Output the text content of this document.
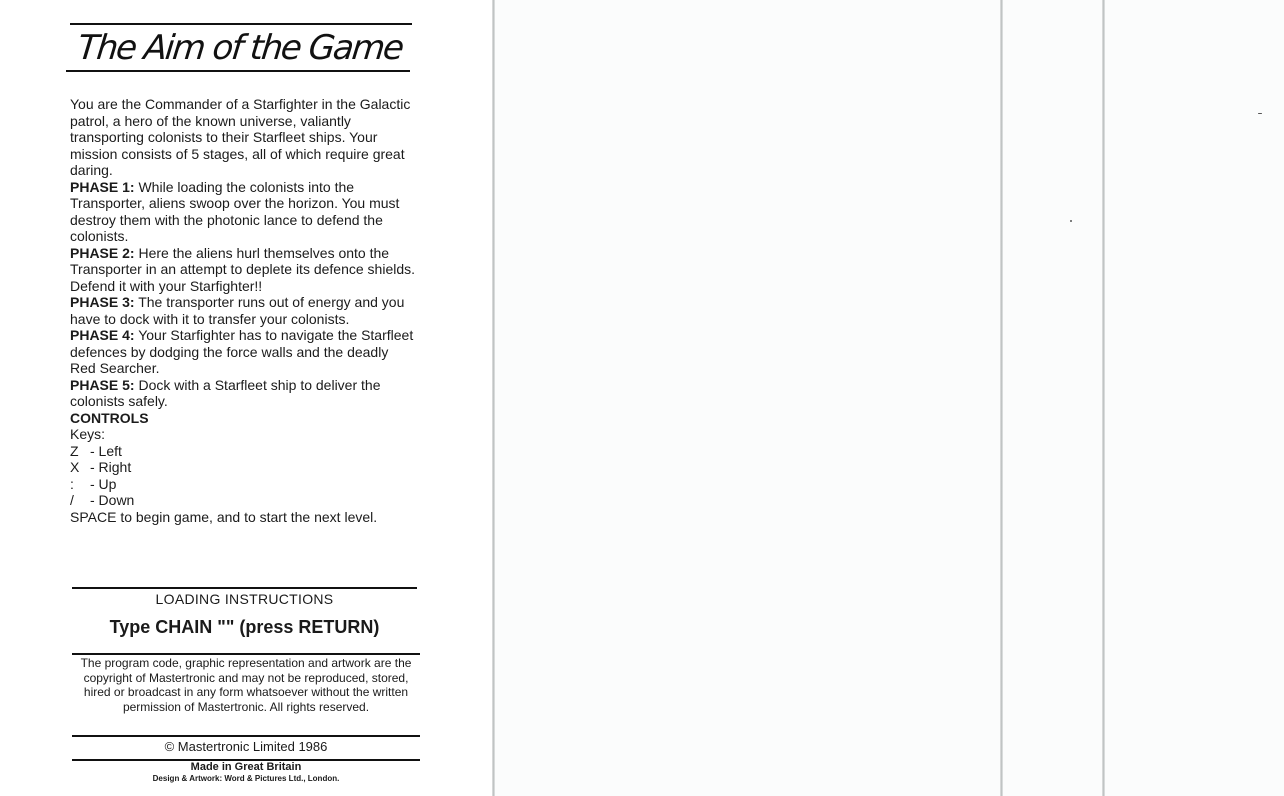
The Aim of the Game

You are the Commander of a Starfighter in the Galactic patrol, a hero of the known universe, valiantly transporting colonists to their Starfleet ships. Your mission consists of 5 stages, all of which require great daring.

PHASE 1: While loading the colonists into the Transporter, aliens swoop over the horizon. You must destroy them with the photonic lance to defend the colonists.

PHASE 2: Here the aliens hurl themselves onto the Transporter in an attempt to deplete its defence shields. Defend it with your Starfighter!!

PHASE 3: The transporter runs out of energy and you have to dock with it to transfer your colonists.

PHASE 4: Your Starfighter has to navigate the Starfleet defences by dodging the force walls and the deadly Red Searcher.

PHASE 5: Dock with a Starfleet ship to deliver the colonists safely.

CONTROLS

Keys:

Z - Left
X - Right
: - Up
/ - Down

SPACE to begin game, and to start the next level.

LOADING INSTRUCTIONS
Type CHAIN "" (press RETURN)
The program code, graphic representation and artwork are the copyright of Mastertronic and may not be reproduced, stored, hired or broadcast in any form whatsoever without the written permission of Mastertronic. All rights reserved.
© Mastertronic Limited 1986
Made in Great Britain
Design & Artwork: Word & Pictures Ltd., London.
